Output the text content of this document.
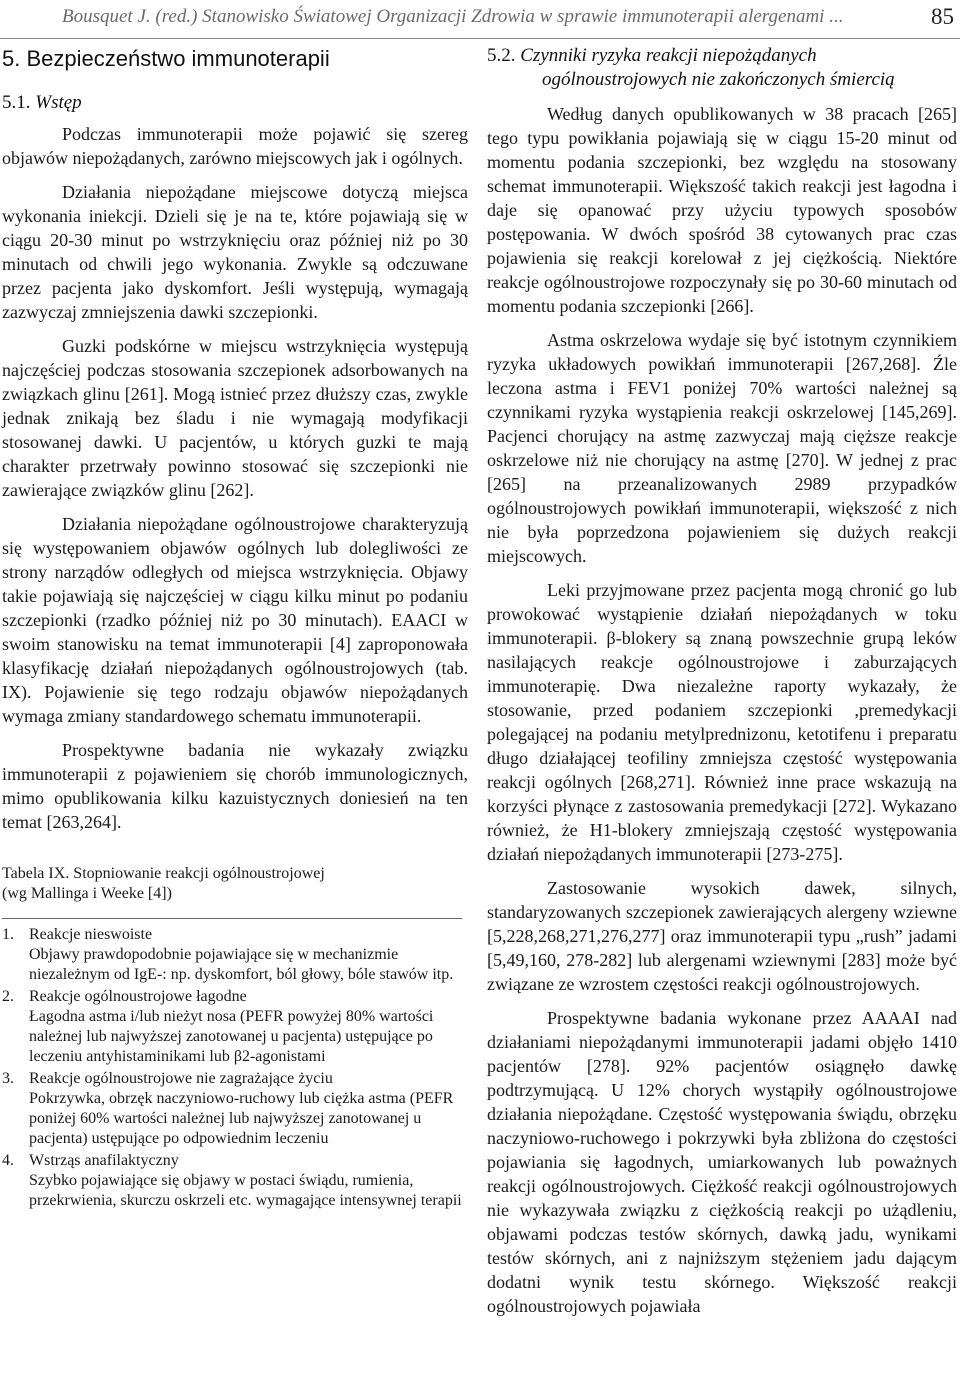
Bousquet J. (red.) Stanowisko Światowej Organizacji Zdrowia w sprawie immunoterapii alergenami ...	85
5. Bezpieczeństwo immunoterapii
5.1. Wstęp

Podczas immunoterapii może pojawić się szereg objawów niepożądanych, zarówno miejscowych jak i ogólnych.

Działania niepożądane miejscowe dotyczą miejsca wykonania iniekcji. Dzieli się je na te, które pojawiają się w ciągu 20-30 minut po wstrzyknięciu oraz później niż po 30 minutach od chwili jego wykonania. Zwykle są odczuwane przez pacjenta jako dyskomfort. Jeśli występują, wymagają zazwyczaj zmniejszenia dawki szczepionki.

Guzki podskórne w miejscu wstrzyknięcia występują najczęściej podczas stosowania szczepionek adsorbowanych na związkach glinu [261]. Mogą istnieć przez dłuższy czas, zwykle jednak znikają bez śladu i nie wymagają modyfikacji stosowanej dawki. U pacjentów, u których guzki te mają charakter przetrwały powinno stosować się szczepionki nie zawierające związków glinu [262].

Działania niepożądane ogólnoustrojowe charakteryzują się występowaniem objawów ogólnych lub dolegliwości ze strony narządów odległych od miejsca wstrzyknięcia. Objawy takie pojawiają się najczęściej w ciągu kilku minut po podaniu szczepionki (rzadko później niż po 30 minutach). EAACI w swoim stanowisku na temat immunoterapii [4] zaproponowała klasyfikację działań niepożądanych ogólnoustrojowych (tab. IX). Pojawienie się tego rodzaju objawów niepożądanych wymaga zmiany standardowego schematu immunoterapii.

Prospektywne badania nie wykazały związku immunoterapii z pojawieniem się chorób immunologicznych, mimo opublikowania kilku kazuistycznych doniesień na ten temat [263,264].

Tabela IX. Stopniowanie reakcji ogólnoustrojowej
(wg Mallinga i Weeke [4])
1. Reakcje nieswoiste
Objawy prawdopodobnie pojawiające się w mechanizmie niezależnym od IgE-: np. dyskomfort, ból głowy, bóle stawów itp.
2. Reakcje ogólnoustrojowe łagodne
Łagodna astma i/lub nieżyt nosa (PEFR powyżej 80% wartości należnej lub najwyższej zanotowanej u pacjenta) ustępujące po leczeniu antyhistaminikami lub β2-agonistami
3. Reakcje ogólnoustrojowe nie zagrażające życiu
Pokrzywka, obrzęk naczyniowo-ruchowy lub ciężka astma (PEFR poniżej 60% wartości należnej lub najwyższej zanotowanej u pacjenta) ustępujące po odpowiednim leczeniu
4. Wstrząs anafilaktyczny
Szybko pojawiające się objawy w postaci świądu, rumienia, przekrwienia, skurczu oskrzeli etc. wymagające intensywnej terapii
5.2. Czynniki ryzyka reakcji niepożądanych
ogólnoustrojowych nie zakończonych śmiercią

Według danych opublikowanych w 38 pracach [265] tego typu powikłania pojawiają się w ciągu 15-20 minut od momentu podania szczepionki, bez względu na stosowany schemat immunoterapii. Większość takich reakcji jest łagodna i daje się opanować przy użyciu typowych sposobów postępowania. W dwóch spośród 38 cytowanych prac czas pojawienia się reakcji korelował z jej ciężkością. Niektóre reakcje ogólnoustrojowe rozpoczynały się po 30-60 minutach od momentu podania szczepionki [266].

Astma oskrzelowa wydaje się być istotnym czynnikiem ryzyka układowych powikłań immunoterapii [267,268]. Źle leczona astma i FEV1 poniżej 70% wartości należnej są czynnikami ryzyka wystąpienia reakcji oskrzelowej [145,269]. Pacjenci chorujący na astmę zazwyczaj mają cięższe reakcje oskrzelowe niż nie chorujący na astmę [270]. W jednej z prac [265] na przeanalizowanych 2989 przypadków ogólnoustrojowych powikłań immunoterapii, większość z nich nie była poprzedzona pojawieniem się dużych reakcji miejscowych.

Leki przyjmowane przez pacjenta mogą chronić go lub prowokować wystąpienie działań niepożądanych w toku immunoterapii. β-blokery są znaną powszechnie grupą leków nasilających reakcje ogólnoustrojowe i zaburzających immunoterapię. Dwa niezależne raporty wykazały, że stosowanie, przed podaniem szczepionki ,premedykacji polegającej na podaniu metylprednizonu, ketotifenu i preparatu długo działającej teofiliny zmniejsza częstość występowania reakcji ogólnych [268,271]. Również inne prace wskazują na korzyści płynące z zastosowania premedykacji [272]. Wykazano również, że H1-blokery zmniejszają częstość występowania działań niepożądanych immunoterapii [273-275].

Zastosowanie wysokich dawek, silnych, standaryzowanych szczepionek zawierających alergeny wziewne [5,228,268,271,276,277] oraz immunoterapii typu „rush” jadami [5,49,160, 278-282] lub alergenami wziewnymi [283] może być związane ze wzrostem częstości reakcji ogólnoustrojowych.

Prospektywne badania wykonane przez AAAAI nad działaniami niepożądanymi immunoterapii jadami objęło 1410 pacjentów [278]. 92% pacjentów osiągnęło dawkę podtrzymującą. U 12% chorych wystąpiły ogólnoustrojowe działania niepożądane. Częstość występowania świądu, obrzęku naczyniowo-ruchowego i pokrzywki była zbliżona do częstości pojawiania się łagodnych, umiarkowanych lub poważnych reakcji ogólnoustrojowych. Ciężkość reakcji ogólnoustrojowych nie wykazywała związku z ciężkością reakcji po użądleniu, objawami podczas testów skórnych, dawką jadu, wynikami testów skórnych, ani z najniższym stężeniem jadu dającym dodatni wynik testu skórnego. Większość reakcji ogólnoustrojowych pojawiała
